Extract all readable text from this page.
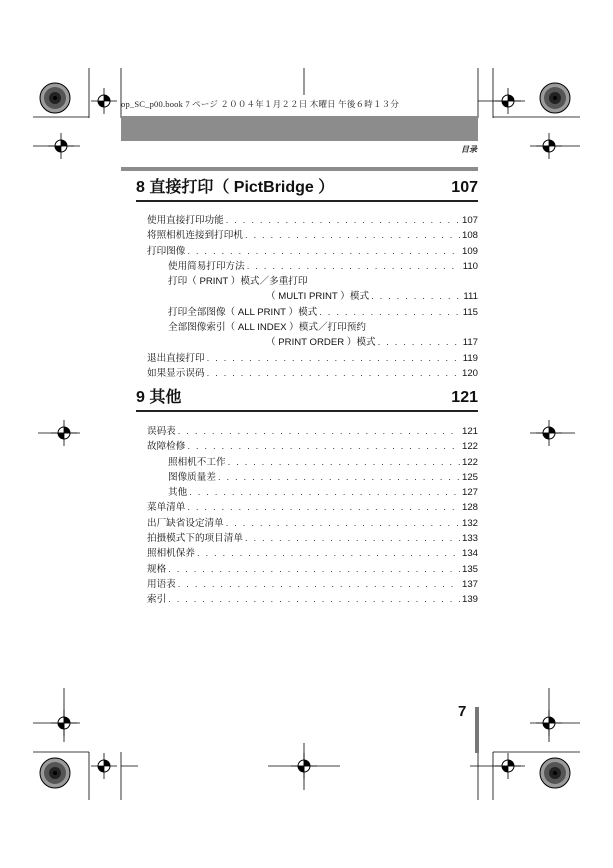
op_SC_p00.book 7 ページ ２００４年１月２２日 木曜日 午後６時１３分
目录
8 直接打印（ PictBridge ）	107
使用直接打印功能 . . .	107
将照相机连接到打印机 . . .	108
打印图像 . . .	109
使用简易打印方法 . . .	110
打印（ PRINT ）模式／多重打印
（ MULTI PRINT ）模式 . . .	111
打印全部图像（ ALL PRINT ）模式 . . .	115
全部图像索引（ ALL INDEX ）模式／打印预约
（ PRINT ORDER ）模式 . . .	117
退出直接打印 . . .	119
如果显示误码 . . .	120
9 其他	121
误码表 . . .	121
故障检修 . . .	122
照相机不工作 . . .	122
图像质量差 . . .	125
其他 . . .	127
菜单清单 . . .	128
出厂缺省设定清单 . . .	132
拍摄模式下的项目清单 . . .	133
照相机保养 . . .	134
规格 . . .	135
用语表 . . .	137
索引 . . .	139
7
